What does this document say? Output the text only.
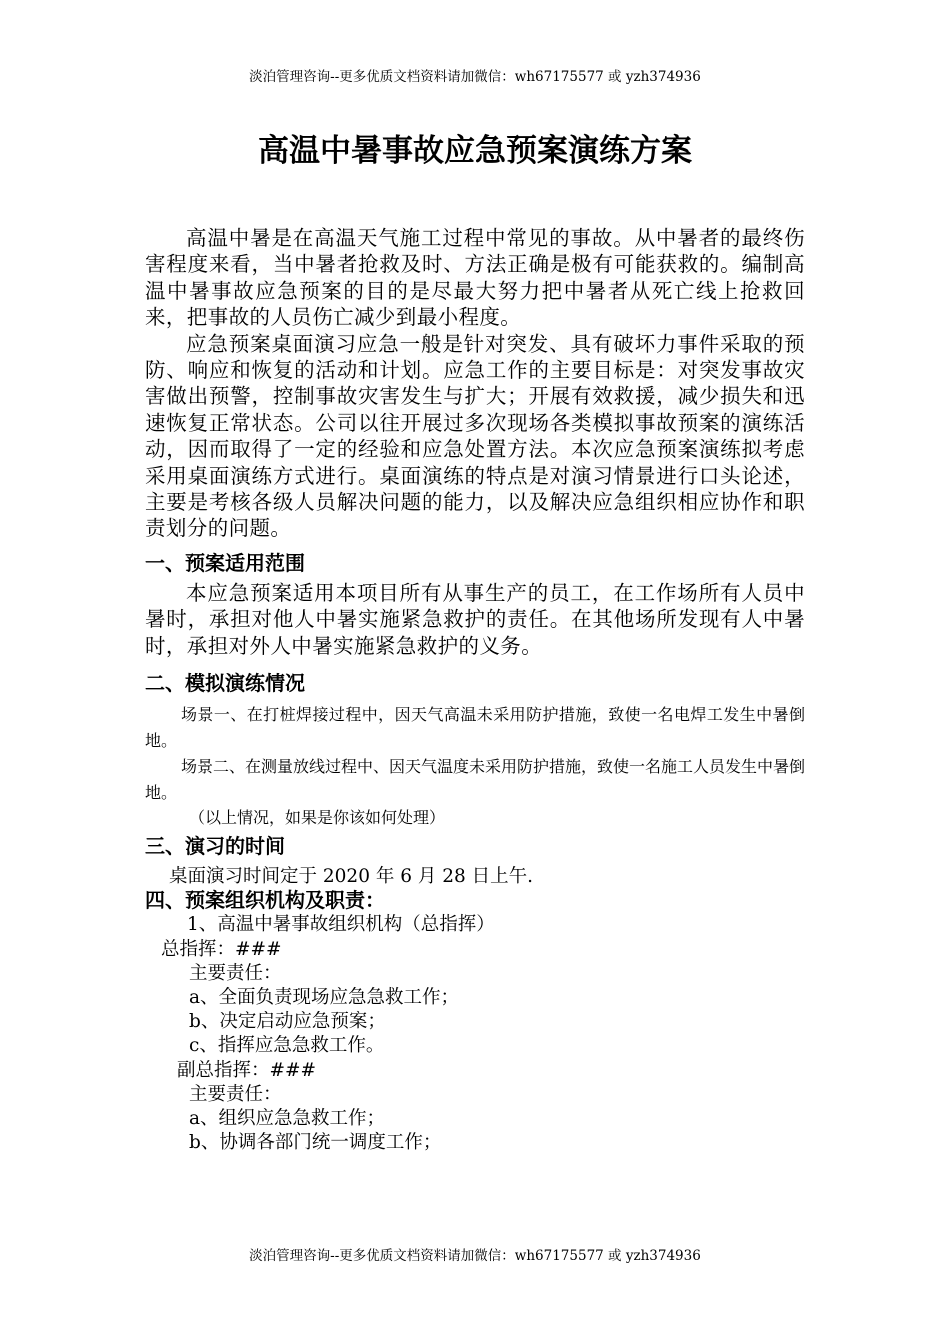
淡泊管理咨询--更多优质文档资料请加微信：wh67175577 或 yzh374936
高温中暑事故应急预案演练方案

高温中暑是在高温天气施工过程中常见的事故。从中暑者的最终伤害程度来看，当中暑者抢救及时、方法正确是极有可能获救的。编制高温中暑事故应急预案的目的是尽最大努力把中暑者从死亡线上抢救回来，把事故的人员伤亡减少到最小程度。

应急预案桌面演习应急一般是针对突发、具有破坏力事件采取的预防、响应和恢复的活动和计划。应急工作的主要目标是：对突发事故灾害做出预警，控制事故灾害发生与扩大；开展有效救援，减少损失和迅速恢复正常状态。公司以往开展过多次现场各类模拟事故预案的演练活动，因而取得了一定的经验和应急处置方法。本次应急预案演练拟考虑采用桌面演练方式进行。桌面演练的特点是对演习情景进行口头论述，主要是考核各级人员解决问题的能力，以及解决应急组织相应协作和职责划分的问题。

一、预案适用范围

本应急预案适用本项目所有从事生产的员工，在工作场所有人员中暑时，承担对他人中暑实施紧急救护的责任。在其他场所发现有人中暑时，承担对外人中暑实施紧急救护的义务。

二、模拟演练情况

场景一、在打桩焊接过程中，因天气高温未采用防护措施，致使一名电焊工发生中暑倒地。

场景二、在测量放线过程中、因天气温度未采用防护措施，致使一名施工人员发生中暑倒地。

（以上情况，如果是你该如何处理）

三、演习的时间

桌面演习时间定于 2020 年 6 月 28 日上午.

四、预案组织机构及职责：

1、高温中暑事故组织机构（总指挥）

总指挥：###

主要责任：

a、全面负责现场应急急救工作；

b、决定启动应急预案；

c、指挥应急急救工作。

副总指挥：###

主要责任：

a、组织应急急救工作；

b、协调各部门统一调度工作；

淡泊管理咨询--更多优质文档资料请加微信：wh67175577 或 yzh374936
